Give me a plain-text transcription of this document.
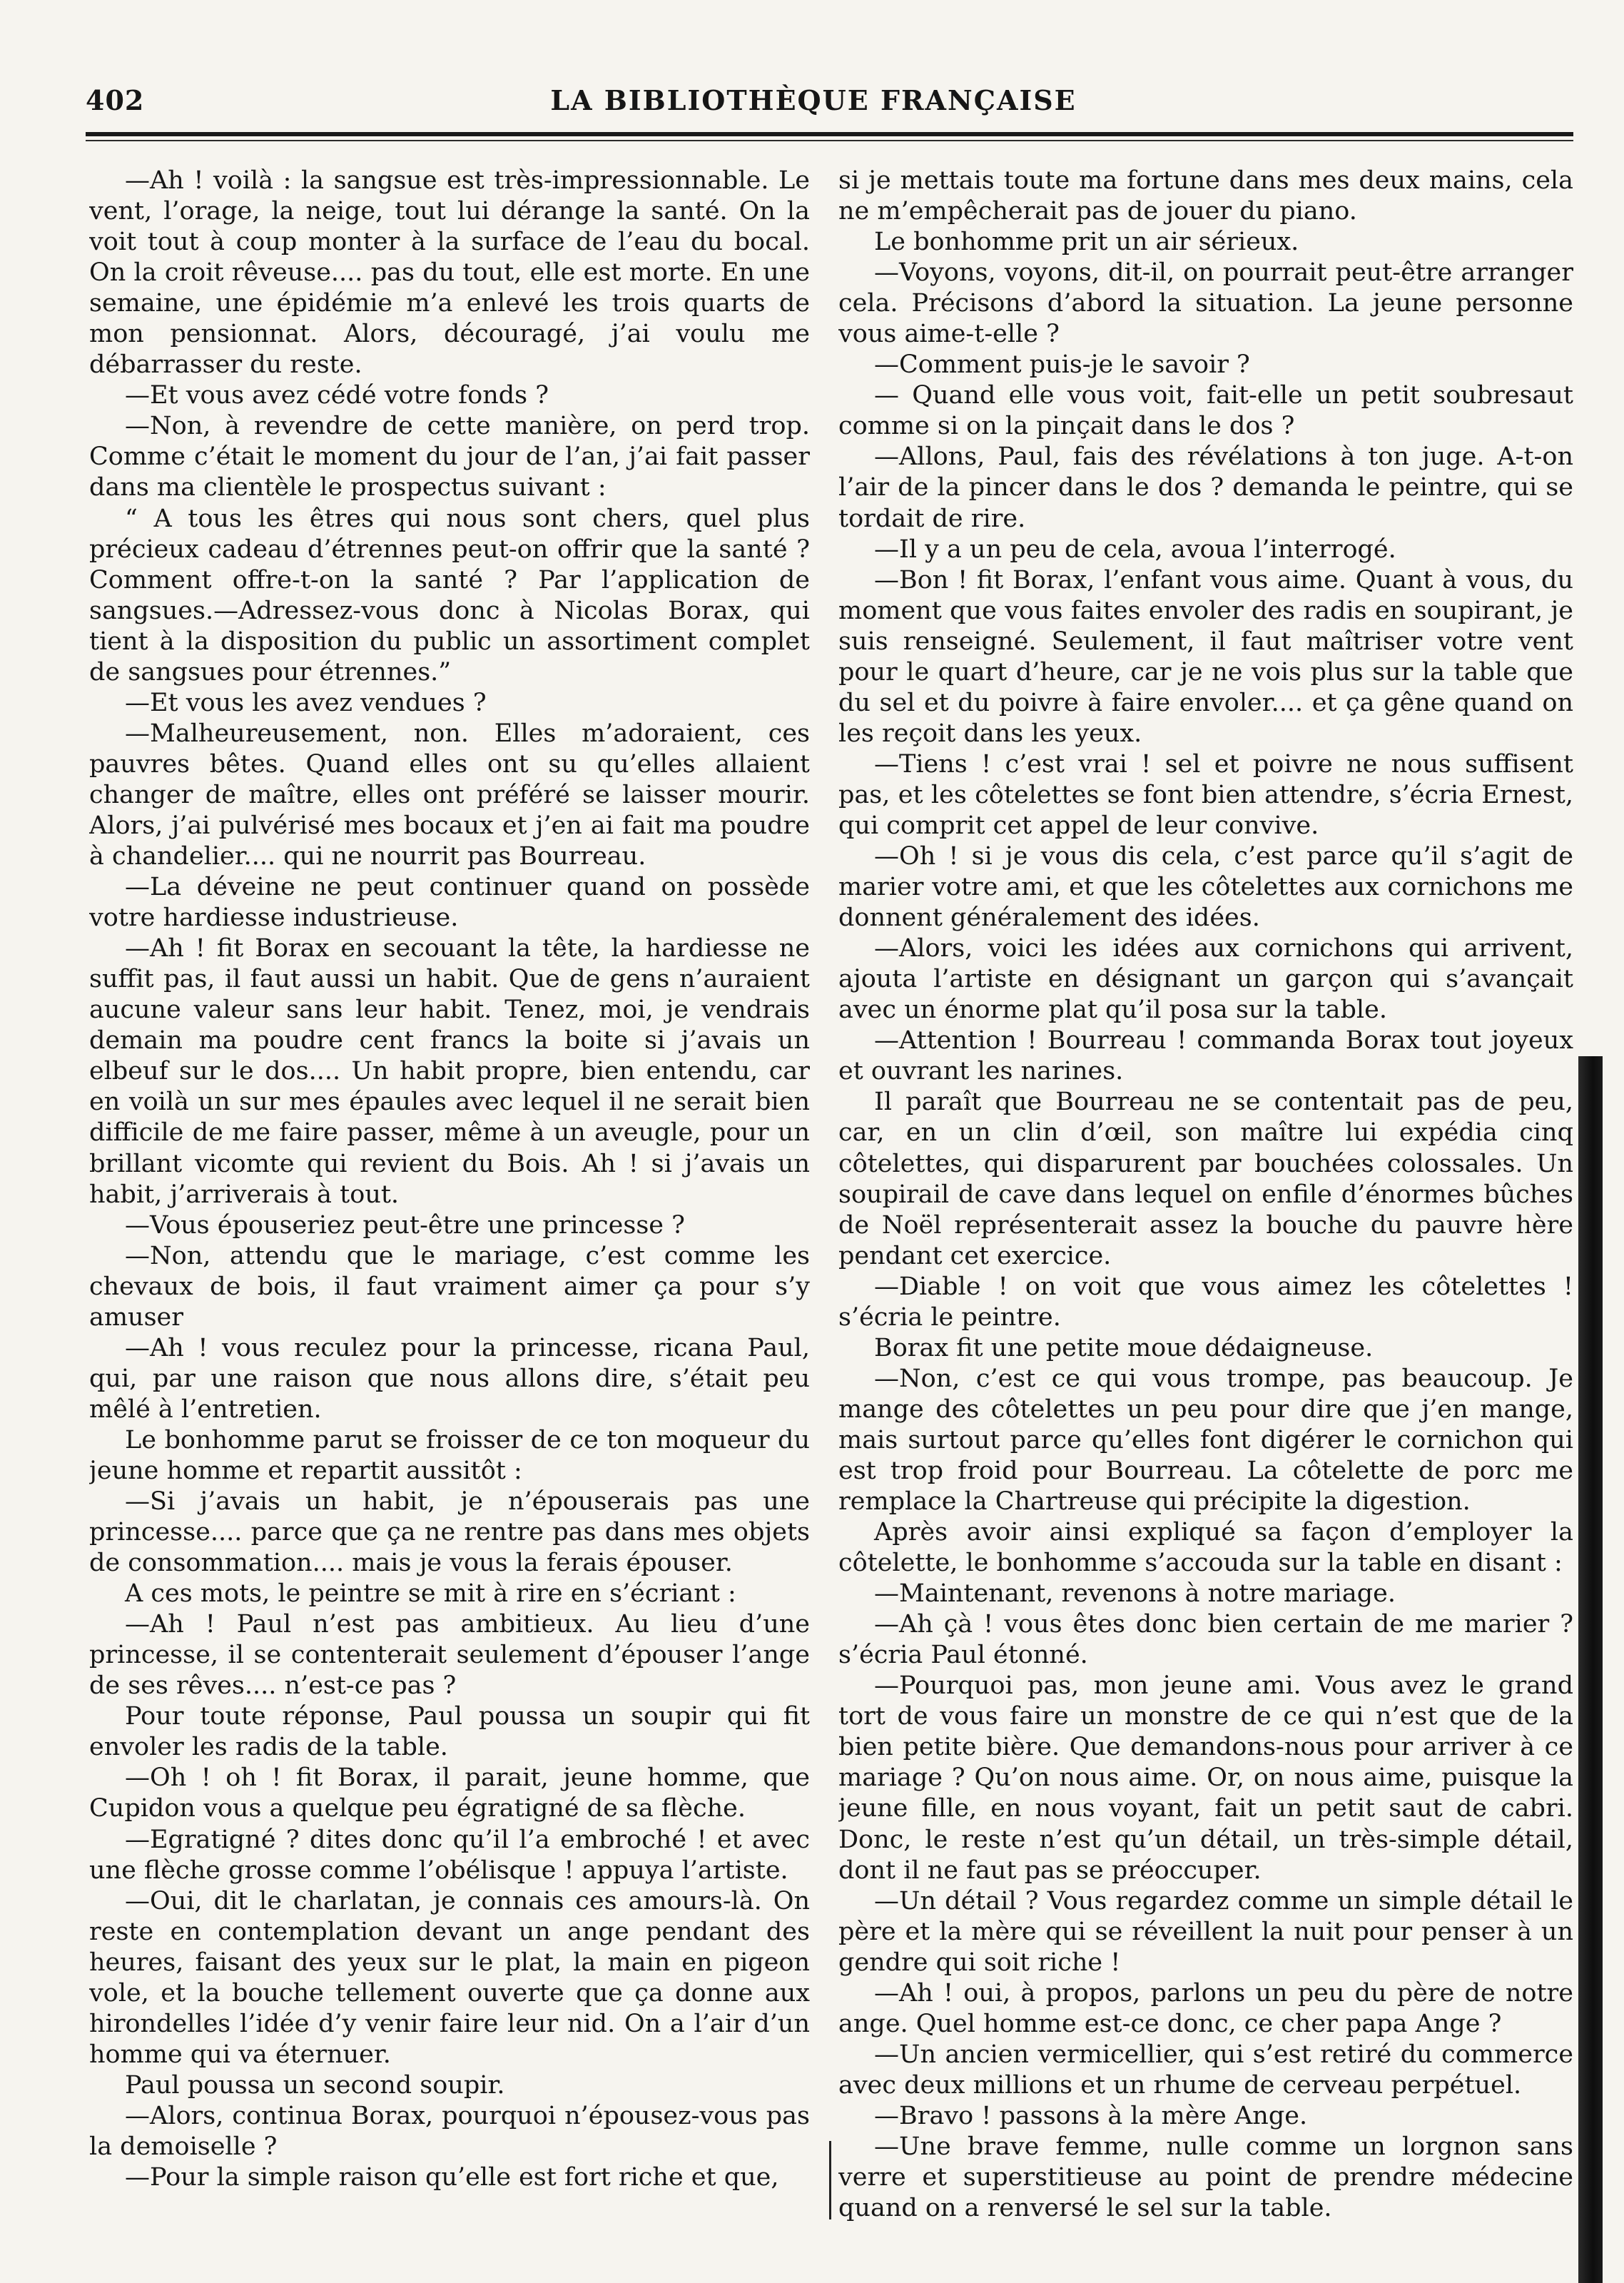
402	LA BIBLIOTHÈQUE FRANÇAISE

—Ah ! voilà : la sangsue est très-impressionnable. Le vent, l’orage, la neige, tout lui dérange la santé. On la voit tout à coup monter à la surface de l’eau du bocal. On la croit rêveuse.... pas du tout, elle est morte. En une semaine, une épidémie m’a enlevé les trois quarts de mon pensionnat. Alors, découragé, j’ai voulu me débarrasser du reste.

—Et vous avez cédé votre fonds ?

—Non, à revendre de cette manière, on perd trop. Comme c’était le moment du jour de l’an, j’ai fait passer dans ma clientèle le prospectus suivant :

“ A tous les êtres qui nous sont chers, quel plus précieux cadeau d’étrennes peut-on offrir que la santé ? Comment offre-t-on la santé ? Par l’application de sangsues.—Adressez-vous donc à Nicolas Borax, qui tient à la disposition du public un assortiment complet de sangsues pour étrennes.”

—Et vous les avez vendues ?

—Malheureusement, non. Elles m’adoraient, ces pauvres bêtes. Quand elles ont su qu’elles allaient changer de maître, elles ont préféré se laisser mourir. Alors, j’ai pulvérisé mes bocaux et j’en ai fait ma poudre à chandelier.... qui ne nourrit pas Bourreau.

—La déveine ne peut continuer quand on possède votre hardiesse industrieuse.

—Ah ! fit Borax en secouant la tête, la hardiesse ne suffit pas, il faut aussi un habit. Que de gens n’auraient aucune valeur sans leur habit. Tenez, moi, je vendrais demain ma poudre cent francs la boite si j’avais un elbeuf sur le dos.... Un habit propre, bien entendu, car en voilà un sur mes épaules avec lequel il ne serait bien difficile de me faire passer, même à un aveugle, pour un brillant vicomte qui revient du Bois. Ah ! si j’avais un habit, j’arriverais à tout.

—Vous épouseriez peut-être une princesse ?

—Non, attendu que le mariage, c’est comme les chevaux de bois, il faut vraiment aimer ça pour s’y amuser

—Ah ! vous reculez pour la princesse, ricana Paul, qui, par une raison que nous allons dire, s’était peu mêlé à l’entretien.

Le bonhomme parut se froisser de ce ton moqueur du jeune homme et repartit aussitôt :

—Si j’avais un habit, je n’épouserais pas une princesse.... parce que ça ne rentre pas dans mes objets de consommation.... mais je vous la ferais épouser.

A ces mots, le peintre se mit à rire en s’écriant :

—Ah ! Paul n’est pas ambitieux. Au lieu d’une princesse, il se contenterait seulement d’épouser l’ange de ses rêves.... n’est-ce pas ?

Pour toute réponse, Paul poussa un soupir qui fit envoler les radis de la table.

—Oh ! oh ! fit Borax, il parait, jeune homme, que Cupidon vous a quelque peu égratigné de sa flèche.

—Egratigné ? dites donc qu’il l’a embroché ! et avec une flèche grosse comme l’obélisque ! appuya l’artiste.

—Oui, dit le charlatan, je connais ces amours-là. On reste en contemplation devant un ange pendant des heures, faisant des yeux sur le plat, la main en pigeon vole, et la bouche tellement ouverte que ça donne aux hirondelles l’idée d’y venir faire leur nid. On a l’air d’un homme qui va éternuer.

Paul poussa un second soupir.

—Alors, continua Borax, pourquoi n’épousez-vous pas la demoiselle ?

—Pour la simple raison qu’elle est fort riche et que,

si je mettais toute ma fortune dans mes deux mains, cela ne m’empêcherait pas de jouer du piano.

Le bonhomme prit un air sérieux.

—Voyons, voyons, dit-il, on pourrait peut-être arranger cela. Précisons d’abord la situation. La jeune personne vous aime-t-elle ?

—Comment puis-je le savoir ?

— Quand elle vous voit, fait-elle un petit soubresaut comme si on la pinçait dans le dos ?

—Allons, Paul, fais des révélations à ton juge. A-t-on l’air de la pincer dans le dos ? demanda le peintre, qui se tordait de rire.

—Il y a un peu de cela, avoua l’interrogé.

—Bon ! fit Borax, l’enfant vous aime. Quant à vous, du moment que vous faites envoler des radis en soupirant, je suis renseigné. Seulement, il faut maîtriser votre vent pour le quart d’heure, car je ne vois plus sur la table que du sel et du poivre à faire envoler.... et ça gêne quand on les reçoit dans les yeux.

—Tiens ! c’est vrai ! sel et poivre ne nous suffisent pas, et les côtelettes se font bien attendre, s’écria Ernest, qui comprit cet appel de leur convive.

—Oh ! si je vous dis cela, c’est parce qu’il s’agit de marier votre ami, et que les côtelettes aux cornichons me donnent généralement des idées.

—Alors, voici les idées aux cornichons qui arrivent, ajouta l’artiste en désignant un garçon qui s’avançait avec un énorme plat qu’il posa sur la table.

—Attention ! Bourreau ! commanda Borax tout joyeux et ouvrant les narines.

Il paraît que Bourreau ne se contentait pas de peu, car, en un clin d’œil, son maître lui expédia cinq côtelettes, qui disparurent par bouchées colossales. Un soupirail de cave dans lequel on enfile d’énormes bûches de Noël représenterait assez la bouche du pauvre hère pendant cet exercice.

—Diable ! on voit que vous aimez les côtelettes ! s’écria le peintre.

Borax fit une petite moue dédaigneuse.

—Non, c’est ce qui vous trompe, pas beaucoup. Je mange des côtelettes un peu pour dire que j’en mange, mais surtout parce qu’elles font digérer le cornichon qui est trop froid pour Bourreau. La côtelette de porc me remplace la Chartreuse qui précipite la digestion.

Après avoir ainsi expliqué sa façon d’employer la côtelette, le bonhomme s’accouda sur la table en disant :

—Maintenant, revenons à notre mariage.

—Ah çà ! vous êtes donc bien certain de me marier ? s’écria Paul étonné.

—Pourquoi pas, mon jeune ami. Vous avez le grand tort de vous faire un monstre de ce qui n’est que de la bien petite bière. Que demandons-nous pour arriver à ce mariage ? Qu’on nous aime. Or, on nous aime, puisque la jeune fille, en nous voyant, fait un petit saut de cabri. Donc, le reste n’est qu’un détail, un très-simple détail, dont il ne faut pas se préoccuper.

—Un détail ? Vous regardez comme un simple détail le père et la mère qui se réveillent la nuit pour penser à un gendre qui soit riche !

—Ah ! oui, à propos, parlons un peu du père de notre ange. Quel homme est-ce donc, ce cher papa Ange ?

—Un ancien vermicellier, qui s’est retiré du commerce avec deux millions et un rhume de cerveau perpétuel.

—Bravo ! passons à la mère Ange.

—Une brave femme, nulle comme un lorgnon sans verre et superstitieuse au point de prendre médecine quand on a renversé le sel sur la table.
